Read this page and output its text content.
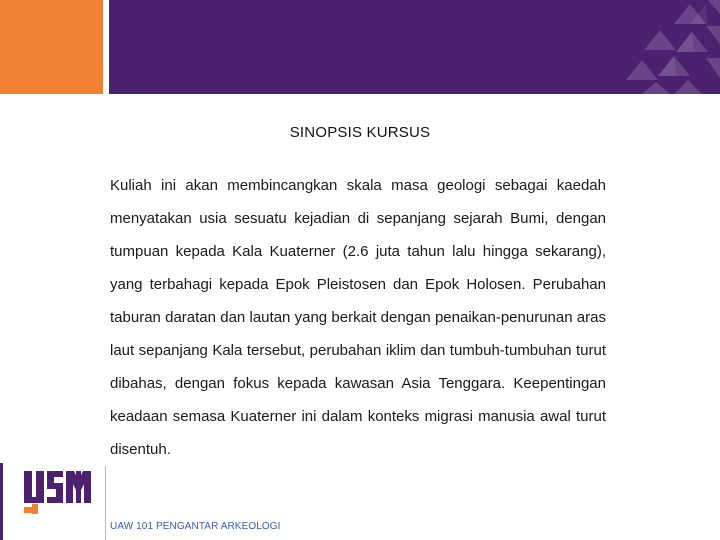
SINOPSIS KURSUS
Kuliah ini akan membincangkan skala masa geologi sebagai kaedah menyatakan usia sesuatu kejadian di sepanjang sejarah Bumi, dengan tumpuan kepada Kala Kuaterner (2.6 juta tahun lalu hingga sekarang), yang terbahagi kepada Epok Pleistosen dan Epok Holosen. Perubahan taburan daratan dan lautan yang berkait dengan penaikan-penurunan aras laut sepanjang Kala tersebut, perubahan iklim dan tumbuh-tumbuhan turut dibahas, dengan fokus kepada kawasan Asia Tenggara. Keepentingan keadaan semasa Kuaterner ini dalam konteks migrasi manusia awal turut disentuh.
UAW 101 PENGANTAR ARKEOLOGI
